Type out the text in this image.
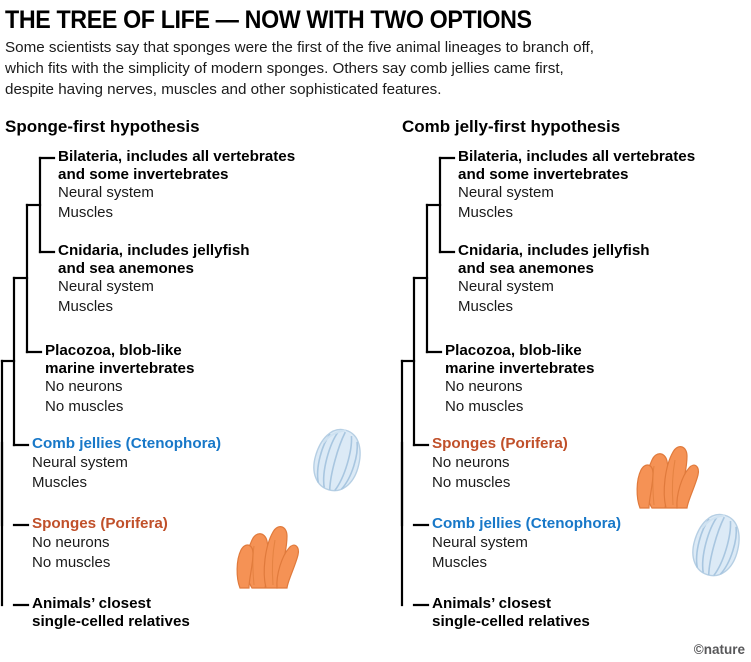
THE TREE OF LIFE — NOW WITH TWO OPTIONS
Some scientists say that sponges were the first of the five animal lineages to branch off,
which fits with the simplicity of modern sponges. Others say comb jellies came first,
despite having nerves, muscles and other sophisticated features.
Sponge-first hypothesis	Comb jelly-first hypothesis
Bilateria, includes all vertebrates
and some invertebrates
Neural system
Muscles
Cnidaria, includes jellyfish
and sea anemones
Neural system
Muscles
Placozoa, blob-like
marine invertebrates
No neurons
No muscles
Comb jellies (Ctenophora)
Neural system
Muscles
Sponges (Porifera)
No neurons
No muscles
Animals’ closest
single-celled relatives
Bilateria, includes all vertebrates
and some invertebrates
Neural system
Muscles
Cnidaria, includes jellyfish
and sea anemones
Neural system
Muscles
Placozoa, blob-like
marine invertebrates
No neurons
No muscles
Sponges (Porifera)
No neurons
No muscles
Comb jellies (Ctenophora)
Neural system
Muscles
Animals’ closest
single-celled relatives
©nature
